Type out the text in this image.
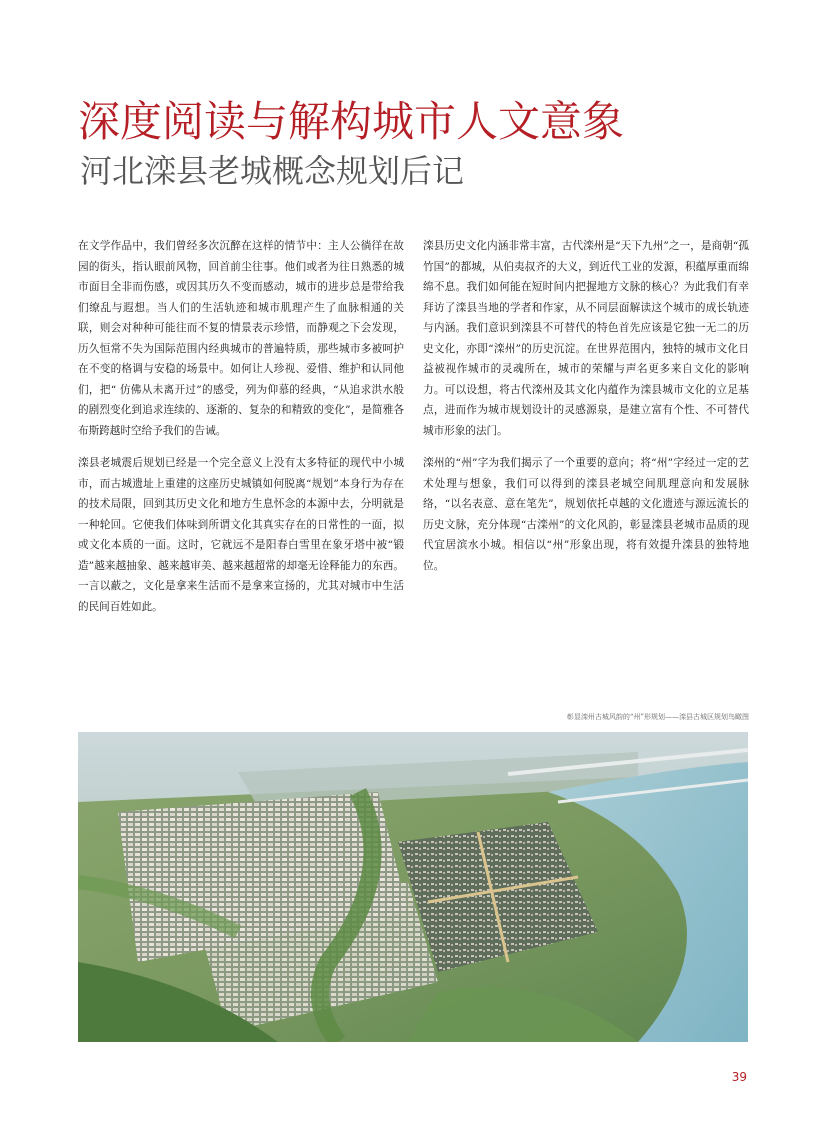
深度阅读与解构城市人文意象
河北滦县老城概念规划后记

在文学作品中，我们曾经多次沉醉在这样的情节中：主人公徜徉在故园的街头，指认眼前风物，回首前尘往事。他们或者为往日熟悉的城市面目全非而伤感，或因其历久不变而感动，城市的进步总是带给我们缭乱与遐想。当人们的生活轨迹和城市肌理产生了血脉相通的关联，则会对种种可能往而不复的情景表示珍惜，而静观之下会发现，历久恒常不失为国际范围内经典城市的普遍特质，那些城市多被呵护在不变的格调与安稳的场景中。如何让人珍视、爱惜、维护和认同他们，把“ 仿佛从未离开过”的感受，列为仰慕的经典，“从追求洪水般的剧烈变化到追求连续的、逐渐的、复杂的和精致的变化”，是简雅各布斯跨越时空给予我们的告诫。

滦县老城震后规划已经是一个完全意义上没有太多特征的现代中小城市，而古城遗址上重建的这座历史城镇如何脱离“规划”本身行为存在的技术局限，回到其历史文化和地方生息怀念的本源中去，分明就是一种轮回。它使我们体味到所谓文化其真实存在的日常性的一面，拟或文化本质的一面。这时，它就远不是阳春白雪里在象牙塔中被“锻造”越来越抽象、越来越审美、越来越超常的却毫无诠释能力的东西。一言以蔽之，文化是拿来生活而不是拿来宣扬的，尤其对城市中生活的民间百姓如此。

滦县历史文化内涵非常丰富，古代滦州是“天下九州”之一，是商朝“孤竹国”的都城，从伯夷叔齐的大义，到近代工业的发源，积蕴厚重而绵绵不息。我们如何能在短时间内把握地方文脉的核心？为此我们有幸拜访了滦县当地的学者和作家，从不同层面解读这个城市的成长轨迹与内涵。我们意识到滦县不可替代的特色首先应该是它独一无二的历史文化，亦即“滦州”的历史沉淀。在世界范围内，独特的城市文化日益被视作城市的灵魂所在，城市的荣耀与声名更多来自文化的影响力。可以设想，将古代滦州及其文化内蕴作为滦县城市文化的立足基点，进而作为城市规划设计的灵感源泉，是建立富有个性、不可替代城市形象的法门。

滦州的“州”字为我们揭示了一个重要的意向；将“州”字经过一定的艺术处理与想象，我们可以得到的滦县老城空间肌理意向和发展脉络，“以名表意、意在笔先”，规划依托卓越的文化遗迹与源远流长的历史文脉，充分体现“古滦州”的文化风韵，彰显滦县老城市品质的现代宜居滨水小城。相信以“州”形象出现，将有效提升滦县的独特地位。

彰显滦州古城风韵的“州”形规划——滦县古城区规划鸟瞰图
39
